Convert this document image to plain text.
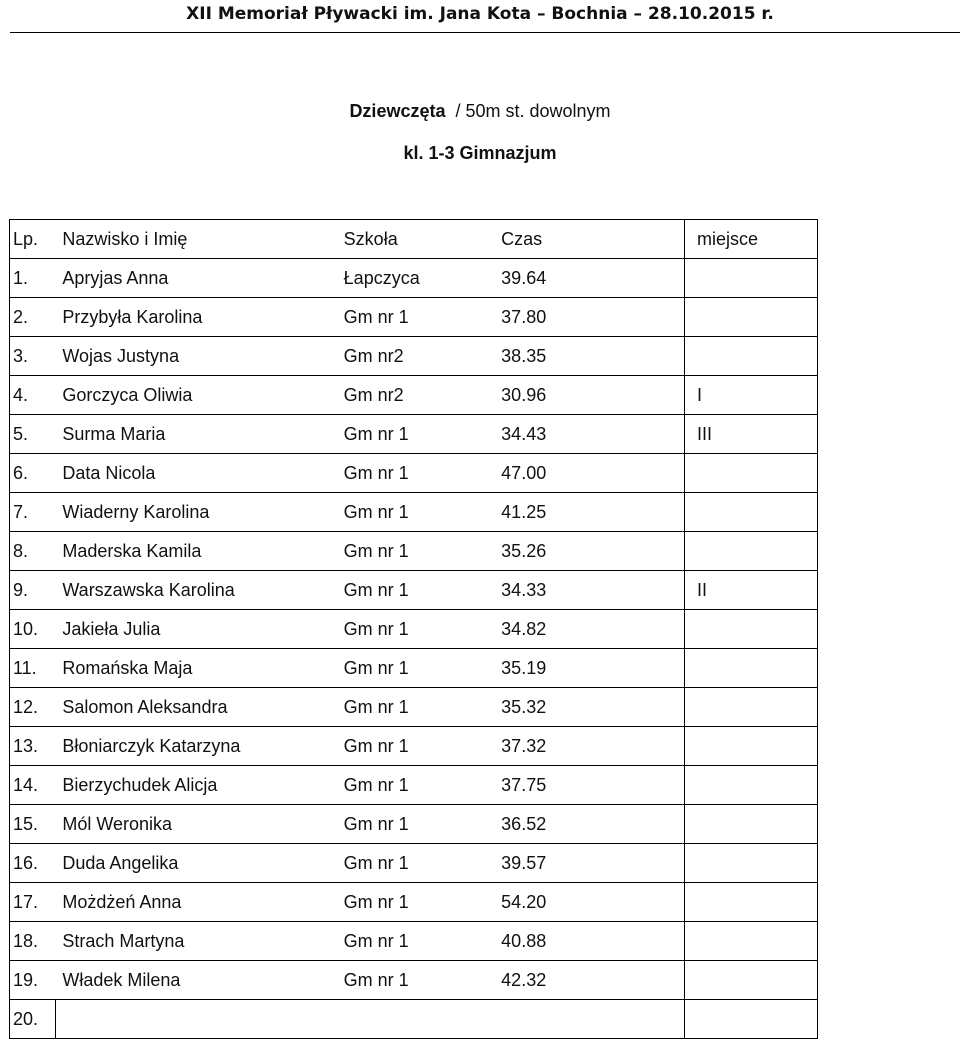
XII Memoriał Pływacki im. Jana Kota – Bochnia – 28.10.2015 r.
Dziewczęta  / 50m st. dowolnym
kl. 1-3 Gimnazjum
Lp.	Nazwisko i Imię	Szkoła	Czas	miejsce
1.	Apryjas Anna	Łapczyca	39.64	
2.	Przybyła Karolina	Gm nr 1	37.80	
3.	Wojas Justyna	Gm nr2	38.35	
4.	Gorczyca Oliwia	Gm nr2	30.96	I
5.	Surma Maria	Gm nr 1	34.43	III
6.	Data Nicola	Gm nr 1	47.00	
7.	Wiaderny Karolina	Gm nr 1	41.25	
8.	Maderska Kamila	Gm nr 1	35.26	
9.	Warszawska Karolina	Gm nr 1	34.33	II
10.	Jakieła Julia	Gm nr 1	34.82	
11.	Romańska Maja	Gm nr 1	35.19	
12.	Salomon Aleksandra	Gm nr 1	35.32	
13.	Błoniarczyk Katarzyna	Gm nr 1	37.32	
14.	Bierzychudek Alicja	Gm nr 1	37.75	
15.	Mól Weronika	Gm nr 1	36.52	
16.	Duda Angelika	Gm nr 1	39.57	
17.	Możdżeń Anna	Gm nr 1	54.20	
18.	Strach Martyna	Gm nr 1	40.88	
19.	Władek Milena	Gm nr 1	42.32	
20.	
